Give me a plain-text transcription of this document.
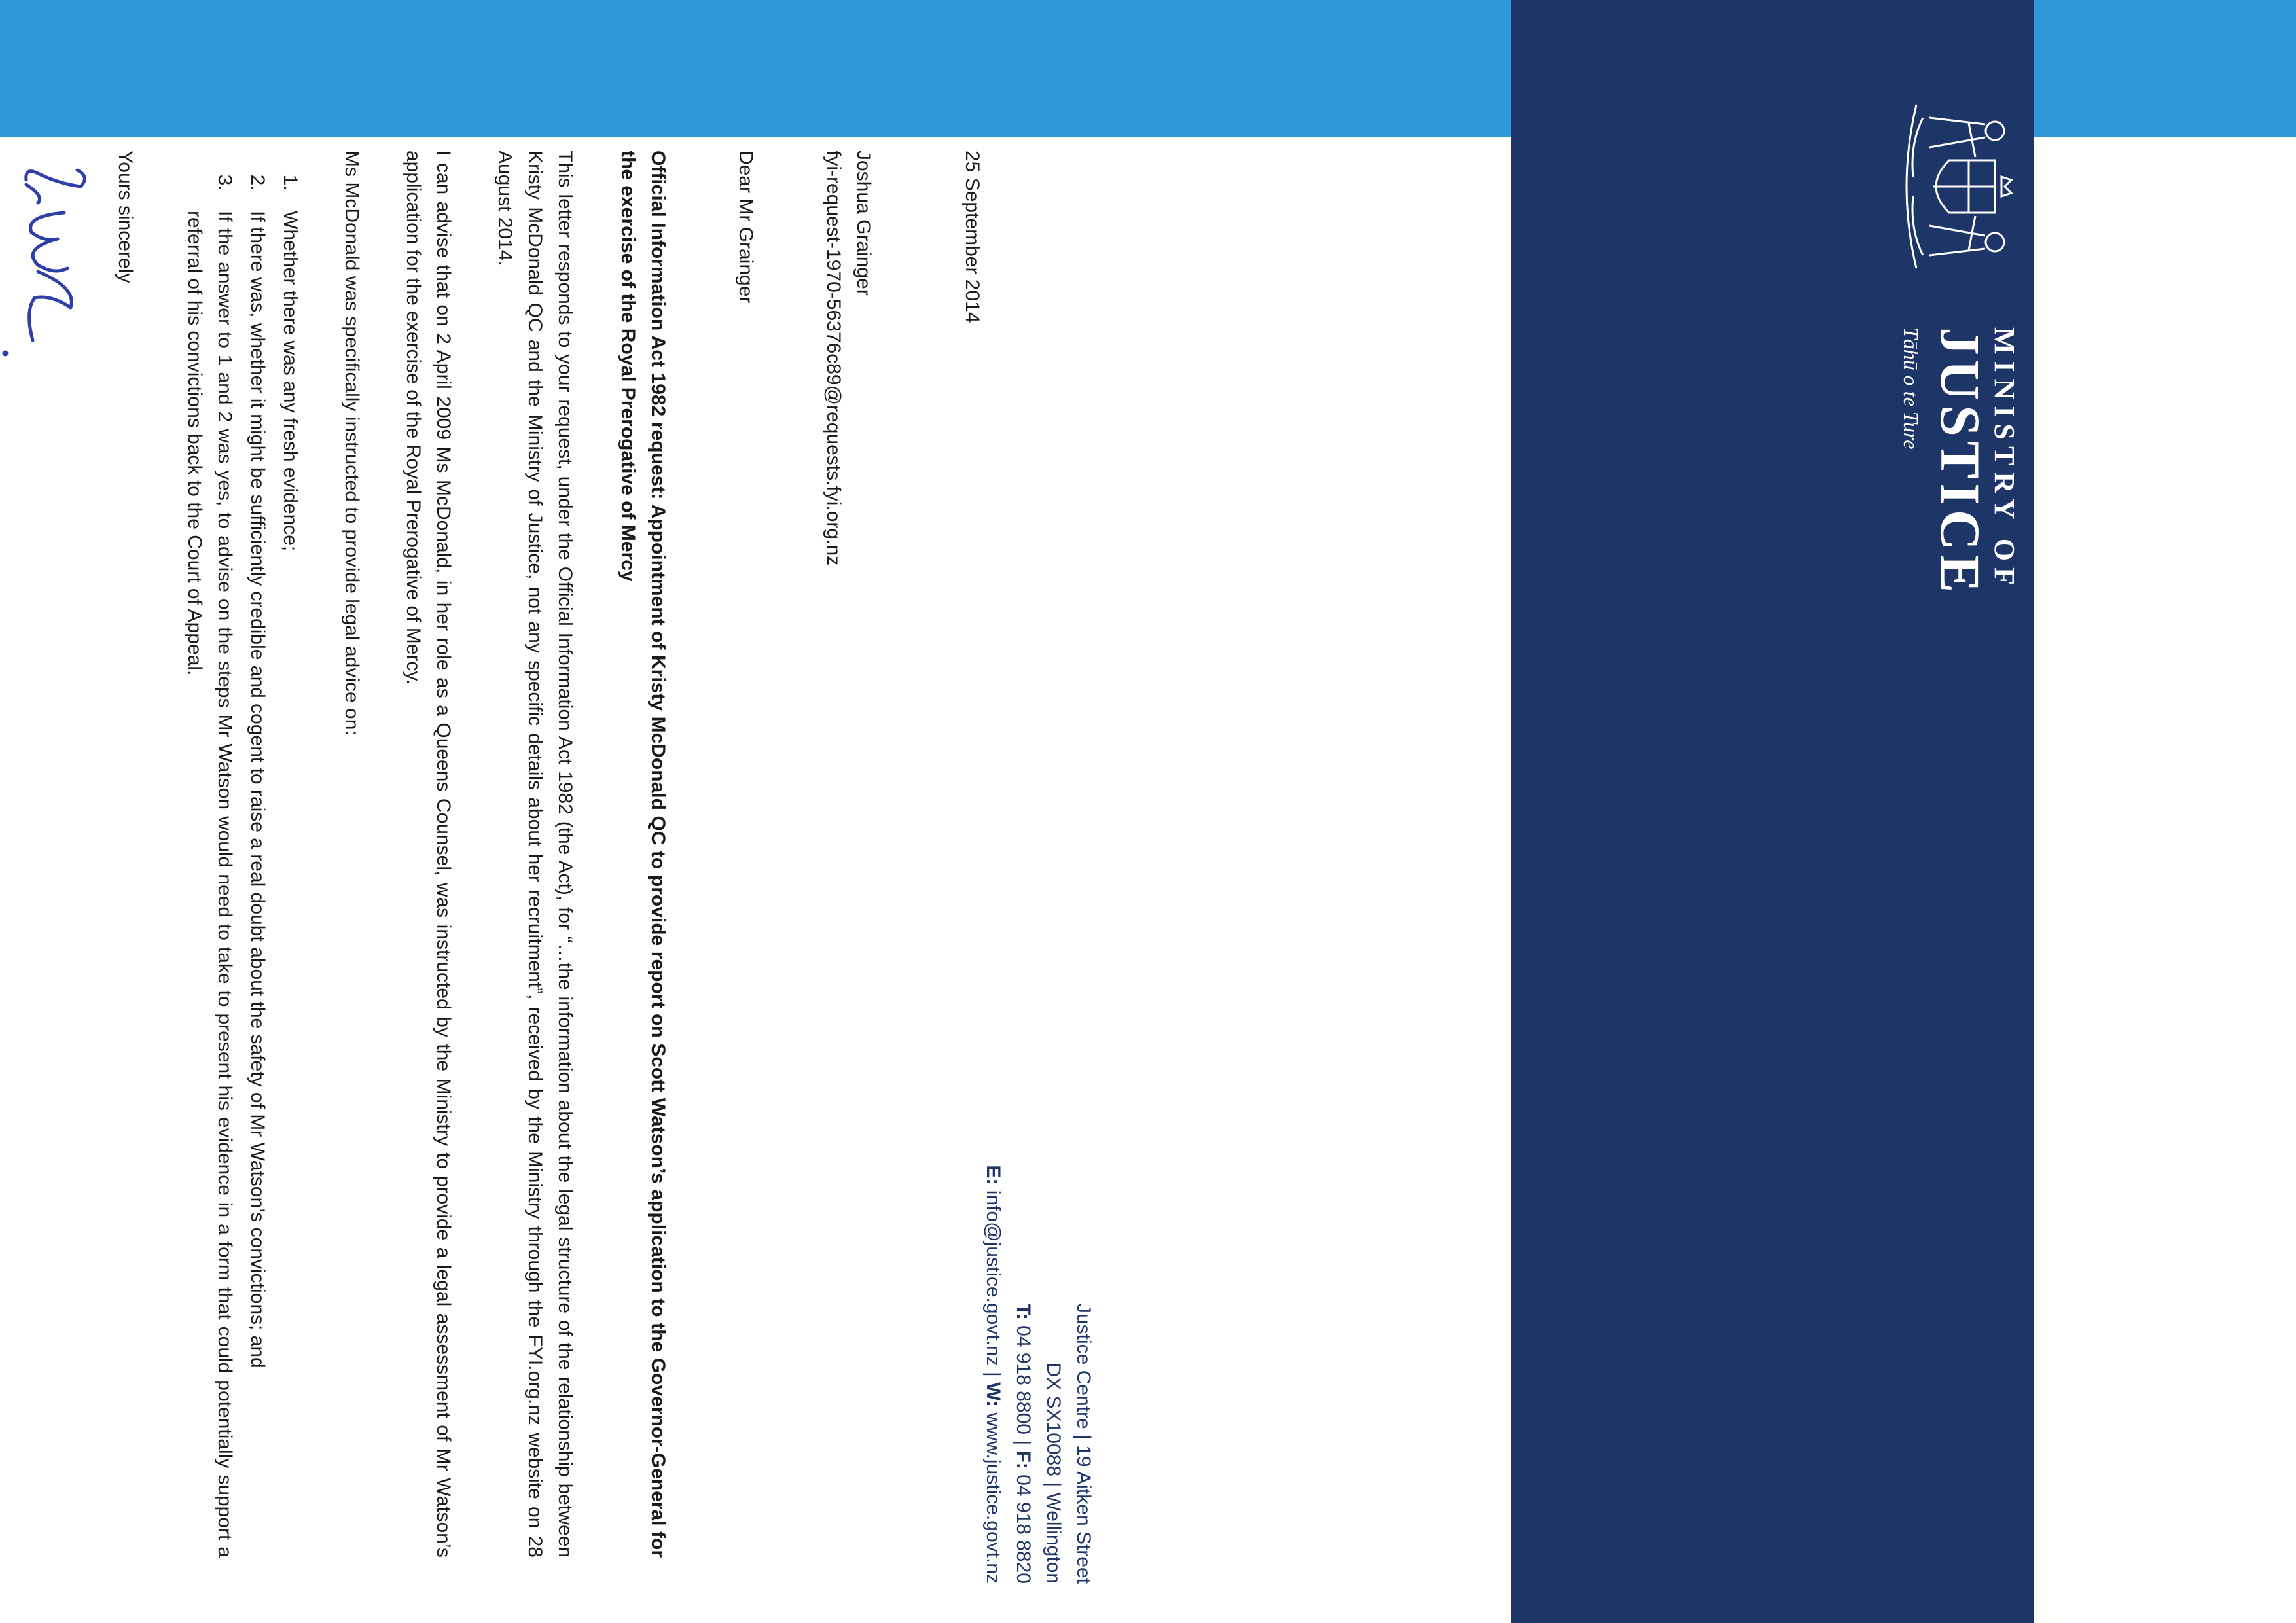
MINISTRY OF
JUSTICE
Tāhū o te Ture
Justice Centre | 19 Aitken Street
DX SX10088 | Wellington
T: 04 918 8800 | F: 04 918 8820
E: info@justice.govt.nz | W: www.justice.govt.nz
25 September 2014
Joshua Grainger
fyi-request-1970-56376c89@requests.fyi.org.nz
Dear Mr Grainger
Official Information Act 1982 request: Appointment of Kristy McDonald QC to provide report on Scott Watson’s application to the Governor-General for the exercise of the Royal Prerogative of Mercy

This letter responds to your request, under the Official Information Act 1982 (the Act), for “…the information about the legal structure of the relationship between Kristy McDonald QC and the Ministry of Justice, not any specific details about her recruitment”, received by the Ministry through the FYI.org.nz website on 28 August 2014.

I can advise that on 2 April 2009 Ms McDonald, in her role as a Queens Counsel, was instructed by the Ministry to provide a legal assessment of Mr Watson’s application for the exercise of the Royal Prerogative of Mercy.

Ms McDonald was specifically instructed to provide legal advice on:

1. Whether there was any fresh evidence;
2. If there was, whether it might be sufficiently credible and cogent to raise a real doubt about the safety of Mr Watson’s convictions; and
3. If the answer to 1 and 2 was yes, to advise on the steps Mr Watson would need to take to present his evidence in a form that could potentially support a referral of his convictions back to the Court of Appeal.
Yours sincerely
